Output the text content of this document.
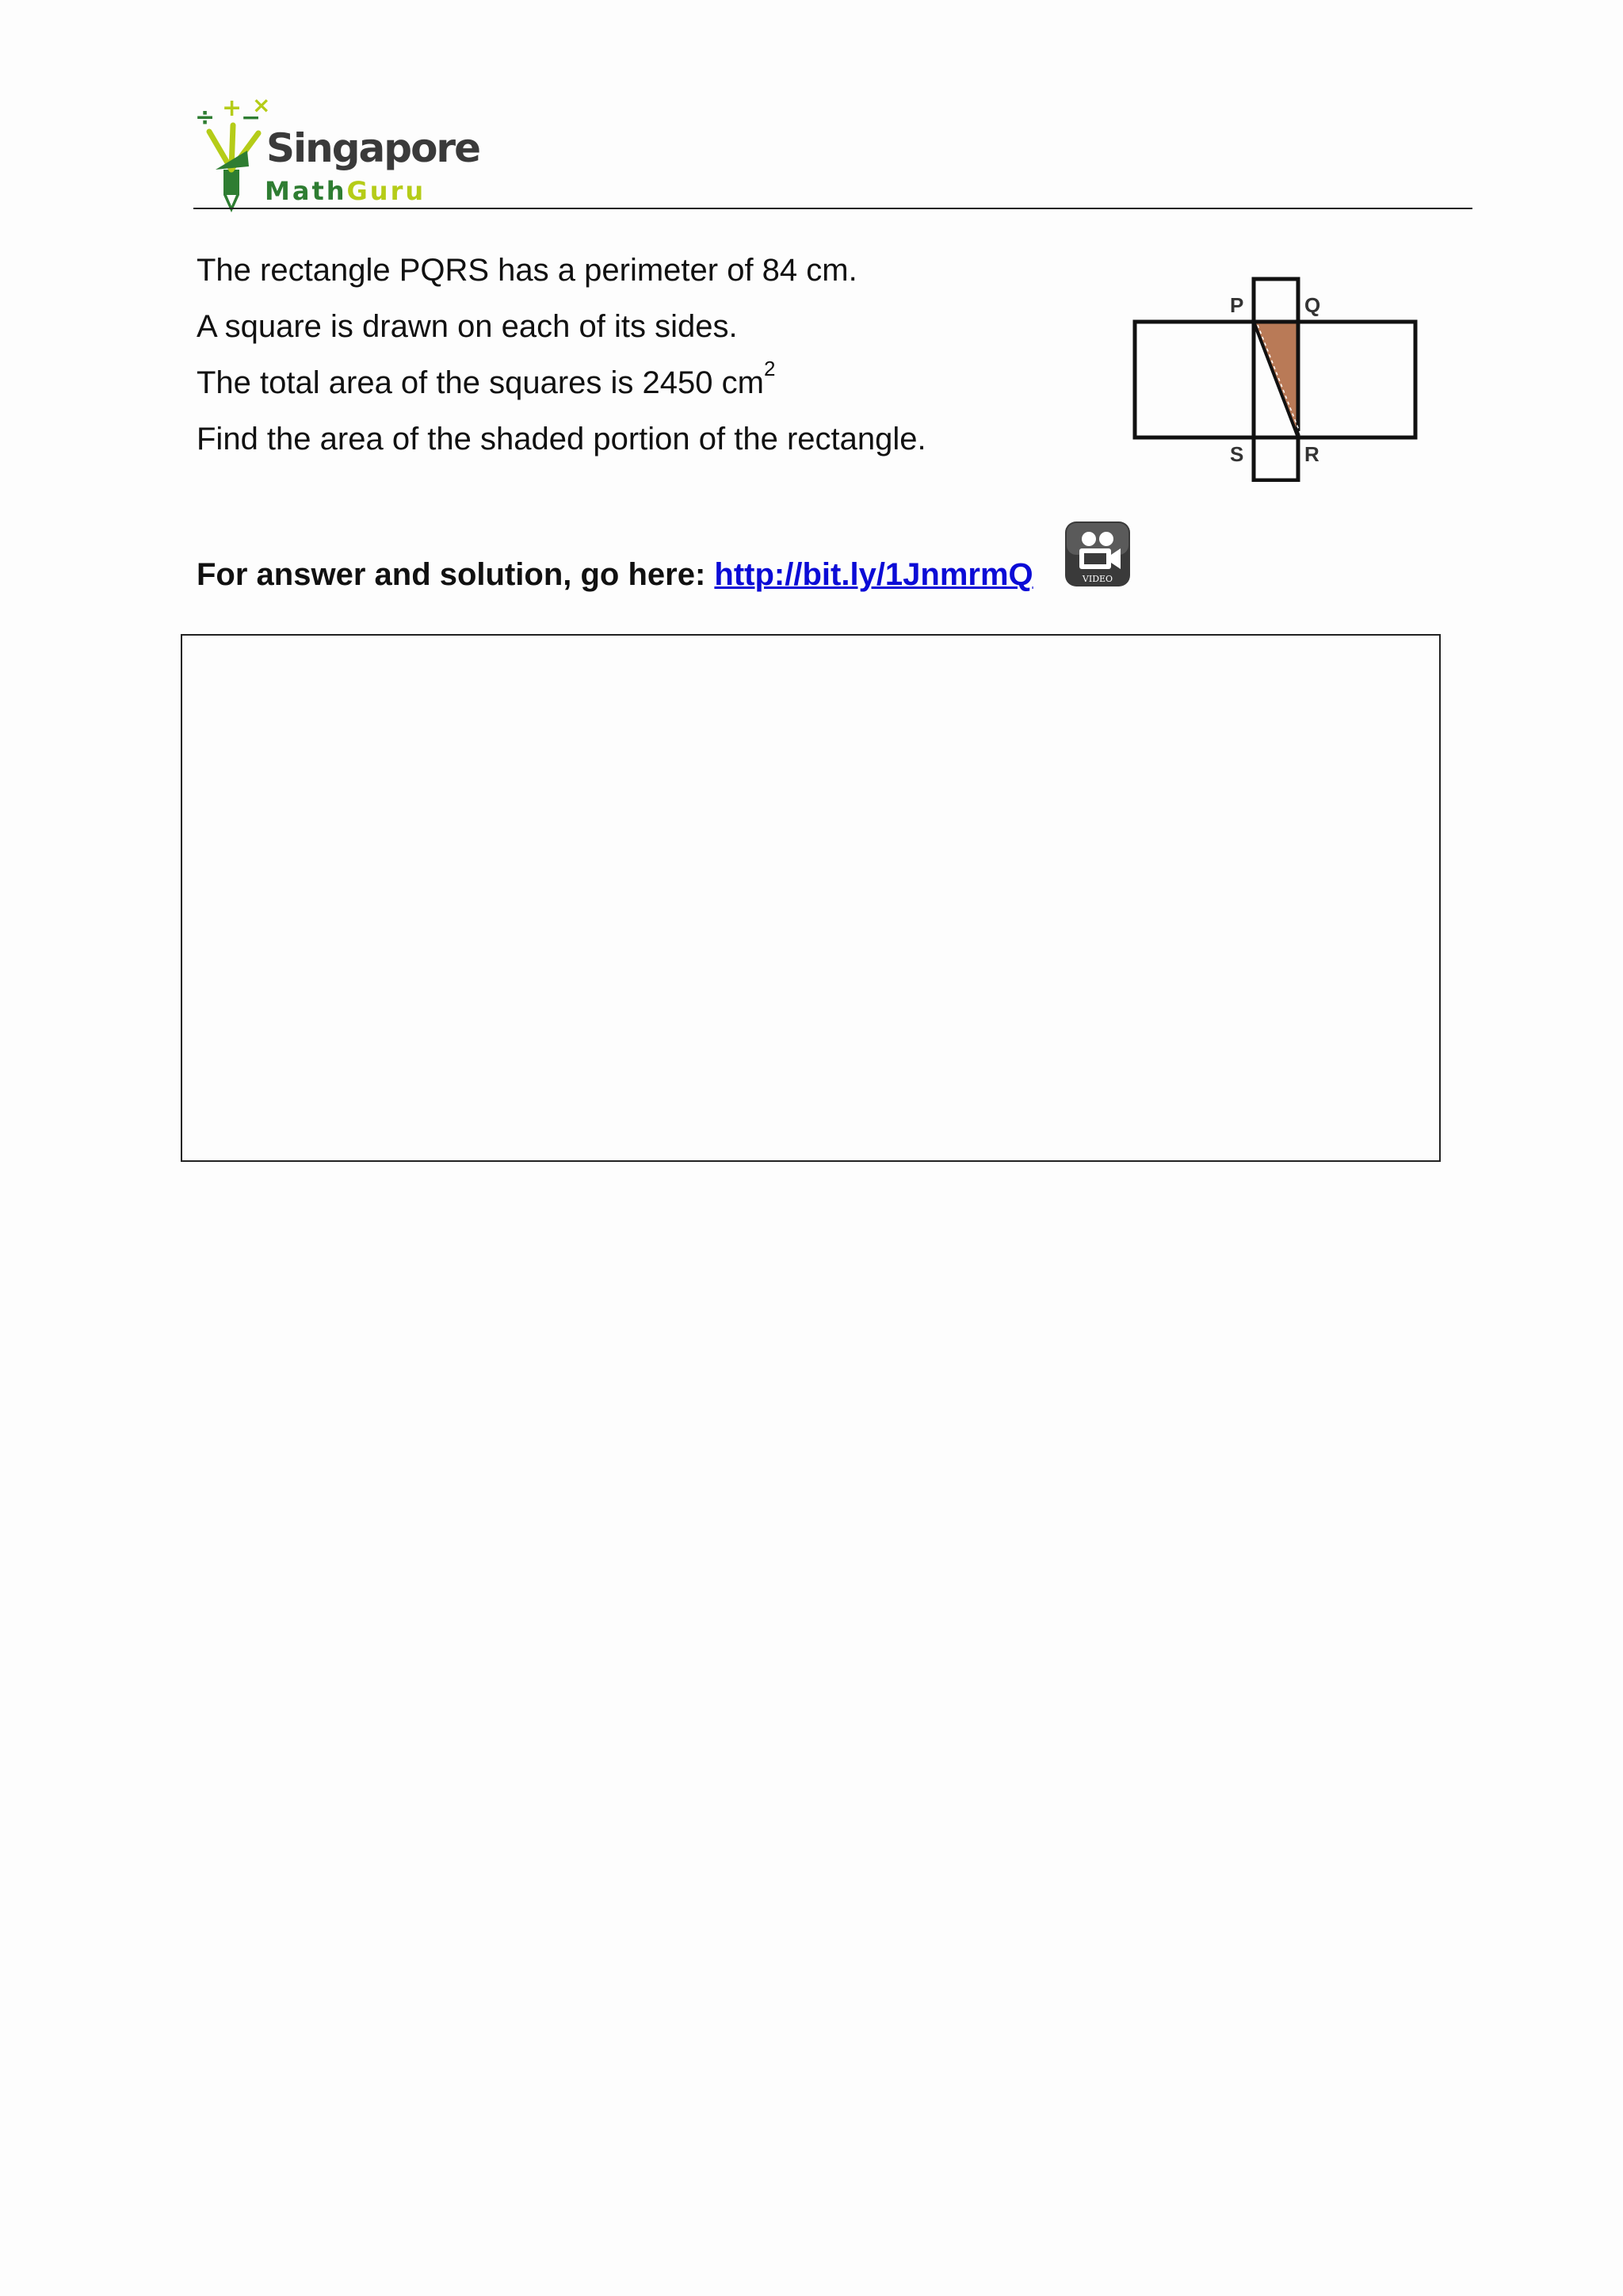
÷ +
−
×
Singapore
MathGuru

The rectangle PQRS has a perimeter of 84 cm.

A square is drawn on each of its sides.

The total area of the squares is 2450 $cm^2$

Find the area of the shaded portion of the rectangle.

P	Q
S	R
For answer and solution, go here: http://bit.ly/1JnmrmQ	VIDEO
